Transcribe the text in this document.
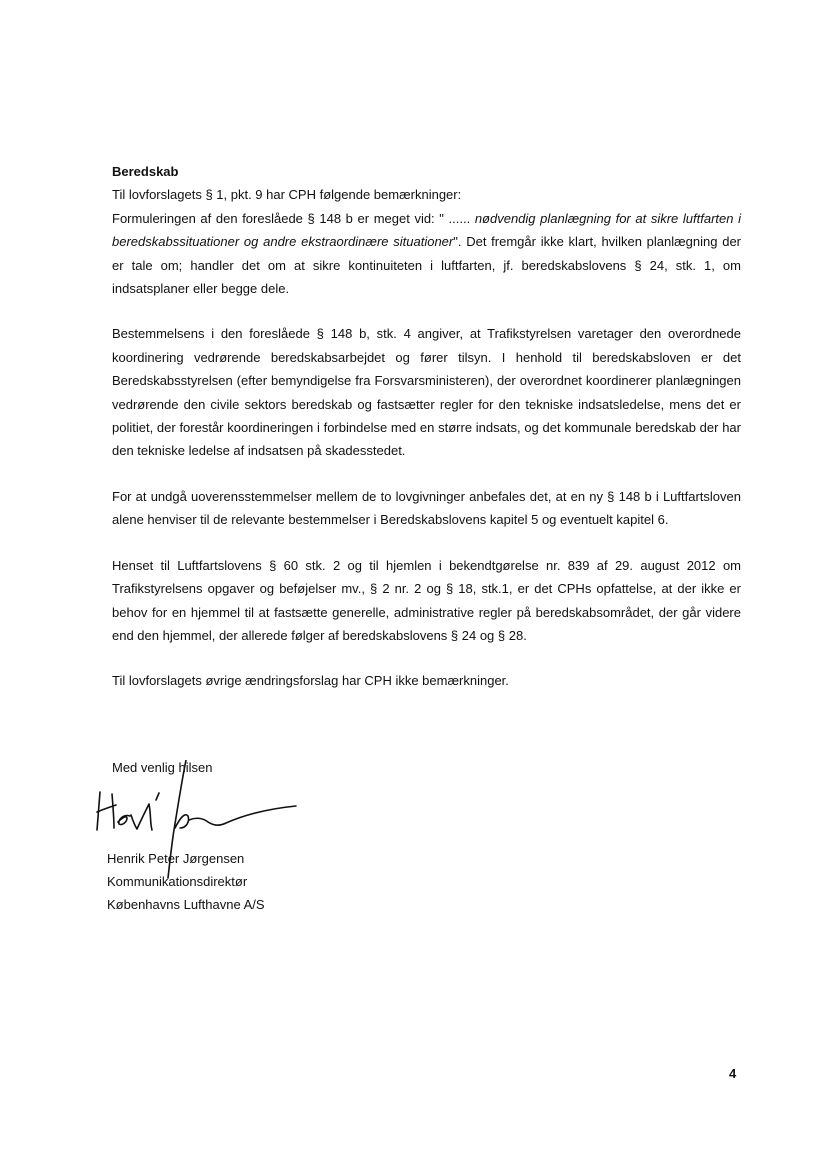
Beredskab

Til lovforslagets § 1, pkt. 9 har CPH følgende bemærkninger:

Formuleringen af den foreslåede § 148 b er meget vid: " ...... nødvendig planlægning for at sikre luftfarten i beredskabssituationer og andre ekstraordinære situationer". Det fremgår ikke klart, hvilken planlægning der er tale om; handler det om at sikre kontinuiteten i luftfarten, jf. beredskabslovens § 24, stk. 1, om indsatsplaner eller begge dele.

Bestemmelsens i den foreslåede § 148 b, stk. 4 angiver, at Trafikstyrelsen varetager den overordnede koordinering vedrørende beredskabsarbejdet og fører tilsyn. I henhold til beredskabsloven er det Beredskabsstyrelsen (efter bemyndigelse fra Forsvarsministeren), der overordnet koordinerer planlægningen vedrørende den civile sektors beredskab og fastsætter regler for den tekniske indsatsledelse, mens det er politiet, der forestår koordineringen i forbindelse med en større indsats, og det kommunale beredskab der har den tekniske ledelse af indsatsen på skadesstedet.

For at undgå uoverensstemmelser mellem de to lovgivninger anbefales det, at en ny § 148 b i Luftfartsloven alene henviser til de relevante bestemmelser i Beredskabslovens kapitel 5 og eventuelt kapitel 6.

Henset til Luftfartslovens § 60 stk. 2 og til hjemlen i bekendtgørelse nr. 839 af 29. august 2012 om Trafikstyrelsens opgaver og beføjelser mv., § 2 nr. 2 og § 18, stk.1, er det CPHs opfattelse, at der ikke er behov for en hjemmel til at fastsætte generelle, administrative regler på beredskabsområdet, der går videre end den hjemmel, der allerede følger af beredskabslovens § 24 og § 28.

Til lovforslagets øvrige ændringsforslag har CPH ikke bemærkninger.

Med venlig hilsen
Henrik Peter Jørgensen
Kommunikationsdirektør
Københavns Lufthavne A/S
4
